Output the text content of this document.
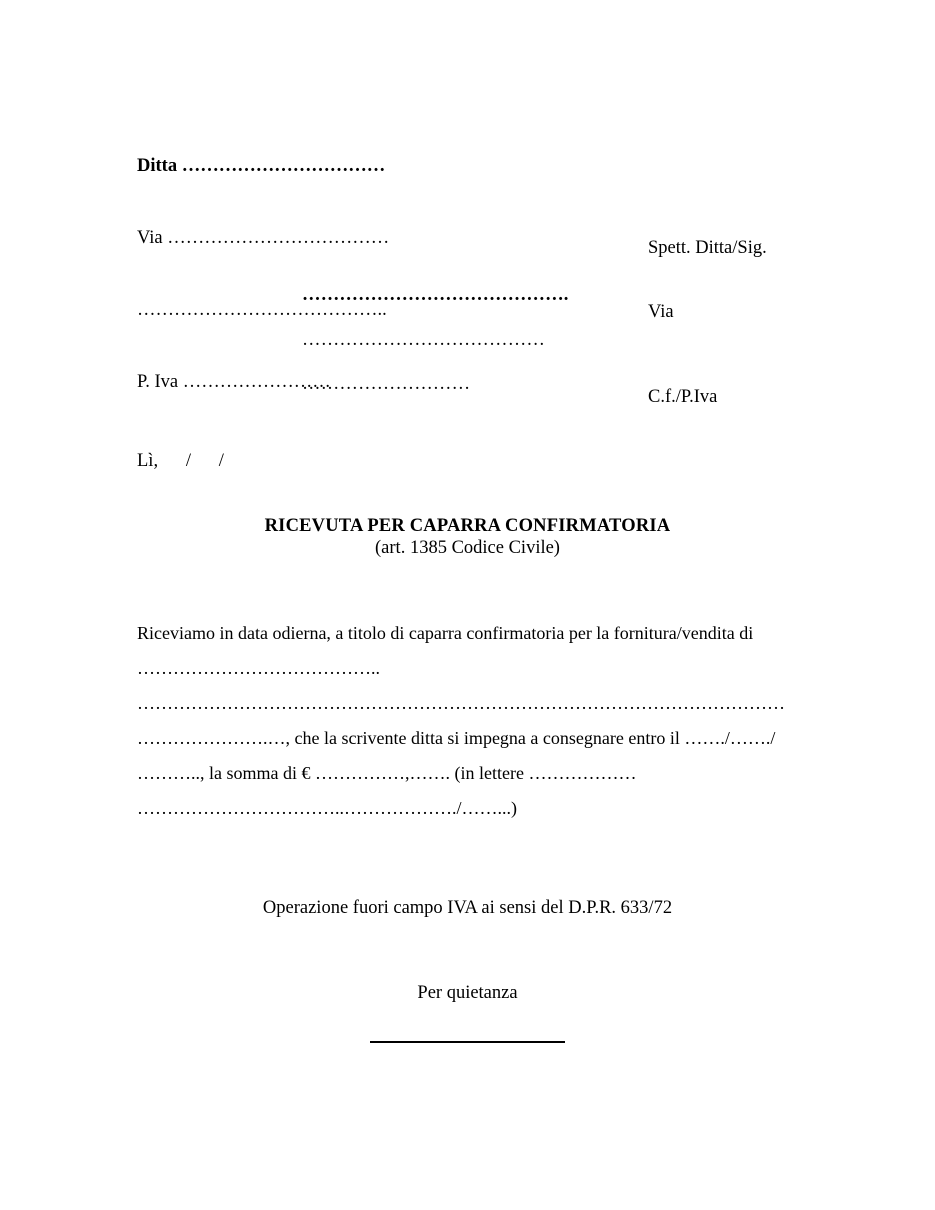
Ditta ……………………………

Via ………………………………

…………………………………..

P. Iva ……………………

…………………………………….
…………………………………
………………………
Spett. Ditta/Sig.
Via
C.f./P.Iva
Lì,      /      /
RICEVUTA PER CAPARRA CONFIRMATORIA
(art. 1385 Codice Civile)
Riceviamo in data odierna, a titolo di caparra confirmatoria per la fornitura/vendita di
…………………………………..
………………………………………………………………………………………………
………………….…, che la scrivente ditta si impegna a consegnare entro il ……./……./
……….., la somma di € ……………,……. (in lettere ………………
……………………………..………………./……...)
Operazione fuori campo IVA ai sensi del D.P.R. 633/72
Per quietanza
